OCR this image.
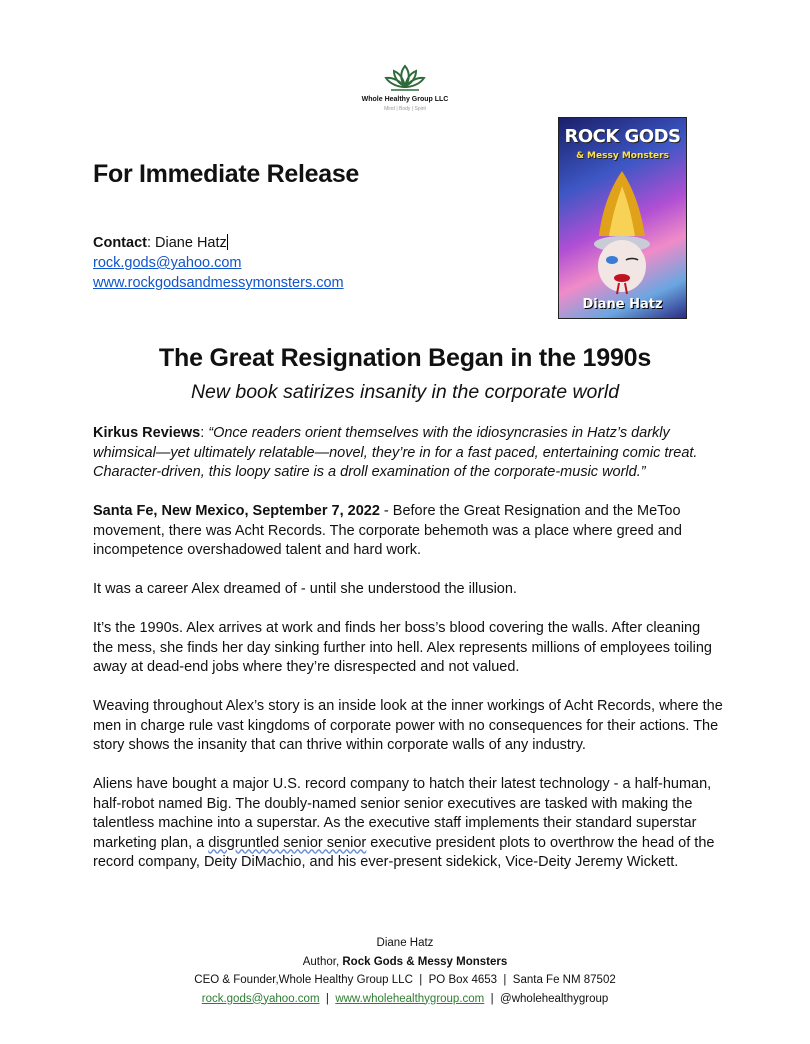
Whole Healthy Group LLC
Mind | Body | Spirit
ROCK GODS
& Messy Monsters
Diane Hatz
For Immediate Release
Contact: Diane Hatz
rock.gods@yahoo.com
www.rockgodsandmessymonsters.com
The Great Resignation Began in the 1990s
New book satirizes insanity in the corporate world

Kirkus Reviews: “Once readers orient themselves with the idiosyncrasies in Hatz’s darkly whimsical—yet ultimately relatable—novel, they’re in for a fast paced, entertaining comic treat. Character-driven, this loopy satire is a droll examination of the corporate-music world.”

Santa Fe, New Mexico, September 7, 2022 - Before the Great Resignation and the MeToo movement, there was Acht Records. The corporate behemoth was a place where greed and incompetence overshadowed talent and hard work.

It was a career Alex dreamed of - until she understood the illusion.

It’s the 1990s. Alex arrives at work and finds her boss’s blood covering the walls. After cleaning the mess, she finds her day sinking further into hell. Alex represents millions of employees toiling away at dead-end jobs where they’re disrespected and not valued.

Weaving throughout Alex’s story is an inside look at the inner workings of Acht Records, where the men in charge rule vast kingdoms of corporate power with no consequences for their actions. The story shows the insanity that can thrive within corporate walls of any industry.

Aliens have bought a major U.S. record company to hatch their latest technology - a half-human, half-robot named Big. The doubly-named senior senior executives are tasked with making the talentless machine into a superstar. As the executive staff implements their standard superstar marketing plan, a disgruntled senior senior executive president plots to overthrow the head of the record company, Deity DiMachio, and his ever-present sidekick, Vice-Deity Jeremy Wickett.

Diane Hatz
Author, Rock Gods & Messy Monsters
CEO & Founder,Whole Healthy Group LLC  |  PO Box 4653  |  Santa Fe NM 87502
rock.gods@yahoo.com  |  www.wholehealthygroup.com  |  @wholehealthygroup
